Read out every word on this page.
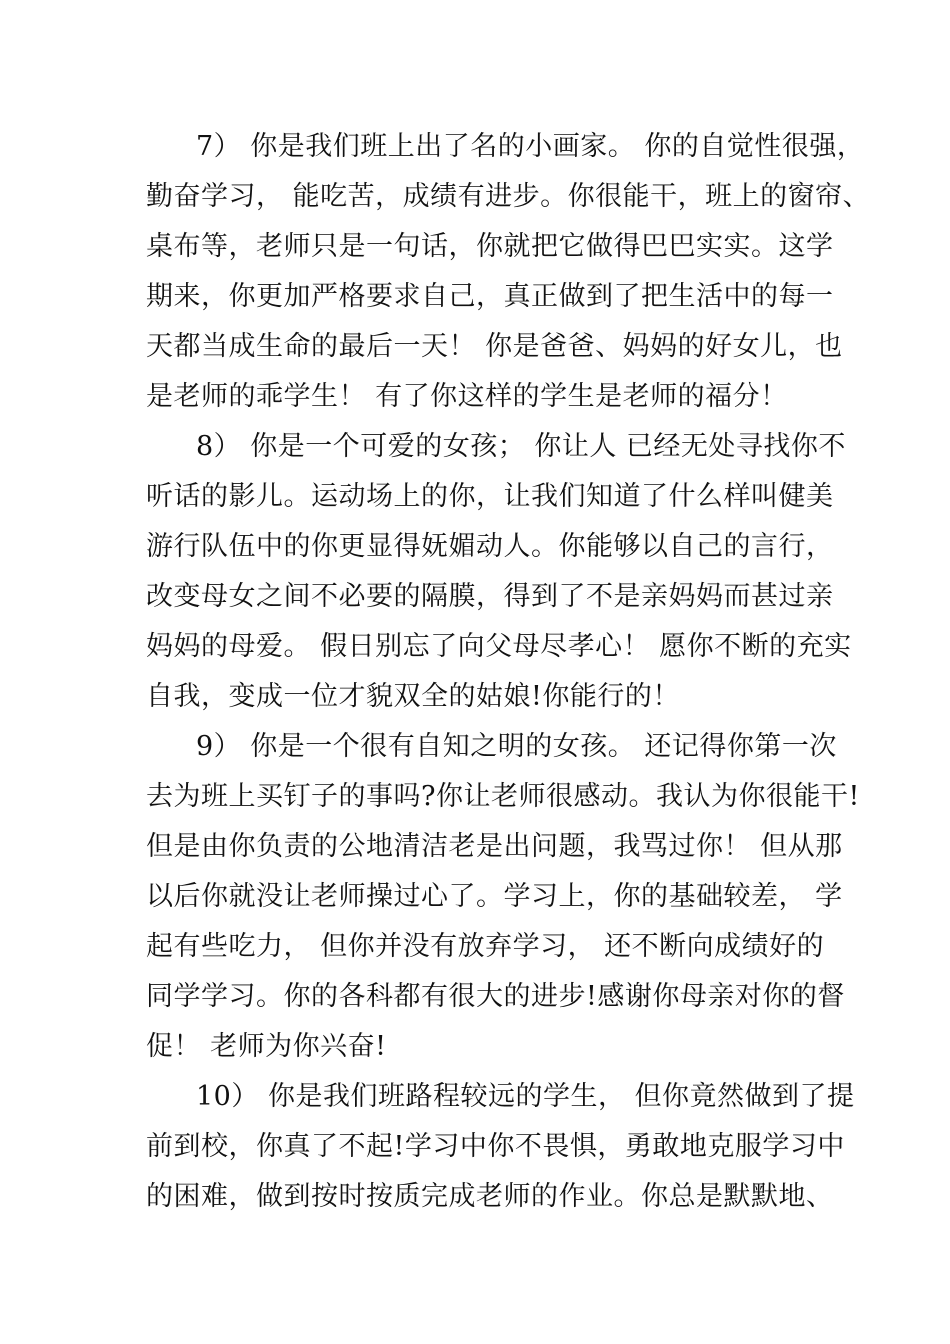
7） 你是我们班上出了名的小画家。 你的自觉性很强，
勤奋学习， 能吃苦，成绩有进步。你很能干，班上的窗帘、
桌布等，老师只是一句话，你就把它做得巴巴实实。这学
期来，你更加严格要求自己，真正做到了把生活中的每一
天都当成生命的最后一天！ 你是爸爸、妈妈的好女儿，也
是老师的乖学生！ 有了你这样的学生是老师的福分！
8） 你是一个可爱的女孩； 你让人 已经无处寻找你不
听话的影儿。运动场上的你，让我们知道了什么样叫健美
游行队伍中的你更显得妩媚动人。你能够以自己的言行，
改变母女之间不必要的隔膜，得到了不是亲妈妈而甚过亲
妈妈的母爱。 假日别忘了向父母尽孝心！ 愿你不断的充实
自我，变成一位才貌双全的姑娘!你能行的！
9） 你是一个很有自知之明的女孩。 还记得你第一次
去为班上买钉子的事吗?你让老师很感动。我认为你很能干!
但是由你负责的公地清洁老是出问题，我骂过你！ 但从那
以后你就没让老师操过心了。学习上，你的基础较差， 学
起有些吃力， 但你并没有放弃学习， 还不断向成绩好的
同学学习。你的各科都有很大的进步!感谢你母亲对你的督
促！ 老师为你兴奋!
10） 你是我们班路程较远的学生， 但你竟然做到了提
前到校，你真了不起!学习中你不畏惧，勇敢地克服学习中
的困难，做到按时按质完成老师的作业。你总是默默地、
